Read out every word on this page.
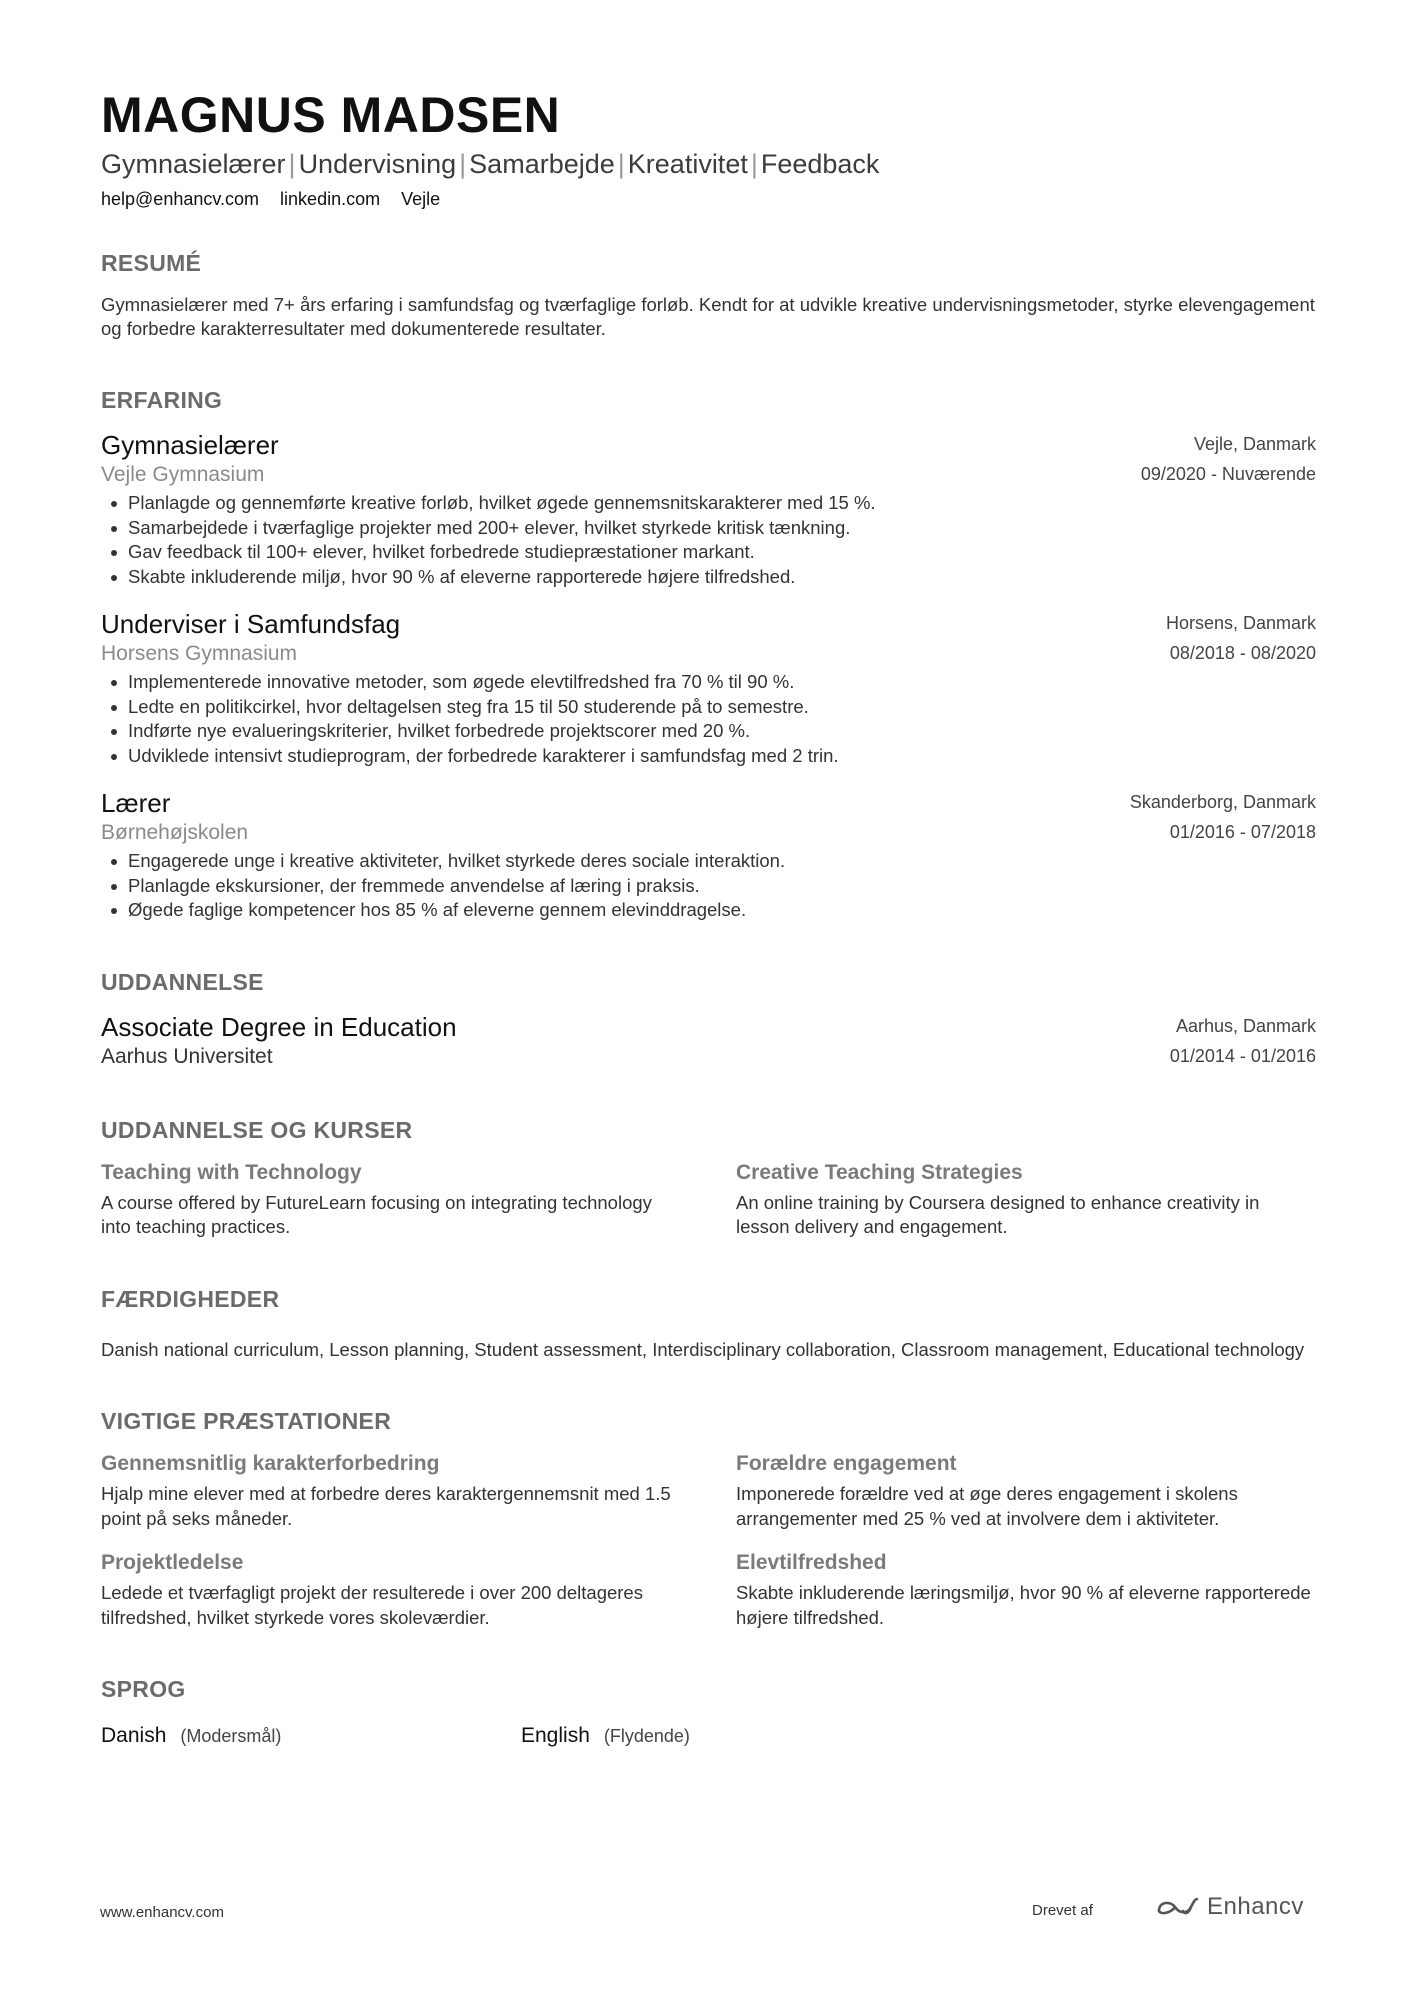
MAGNUS MADSEN
Gymnasielærer | Undervisning | Samarbejde | Kreativitet | Feedback
help@enhancv.com linkedin.com Vejle
RESUMÉ
Gymnasielærer med 7+ års erfaring i samfundsfag og tværfaglige forløb. Kendt for at udvikle kreative undervisningsmetoder, styrke elevengagement og forbedre karakterresultater med dokumenterede resultater.
ERFARING
Gymnasielærer
Vejle Gymnasium
Vejle, Danmark
09/2020 - Nuværende
Planlagde og gennemførte kreative forløb, hvilket øgede gennemsnitskarakterer med 15 %.
Samarbejdede i tværfaglige projekter med 200+ elever, hvilket styrkede kritisk tænkning.
Gav feedback til 100+ elever, hvilket forbedrede studiepræstationer markant.
Skabte inkluderende miljø, hvor 90 % af eleverne rapporterede højere tilfredshed.
Underviser i Samfundsfag
Horsens Gymnasium
Horsens, Danmark
08/2018 - 08/2020
Implementerede innovative metoder, som øgede elevtilfredshed fra 70 % til 90 %.
Ledte en politikcirkel, hvor deltagelsen steg fra 15 til 50 studerende på to semestre.
Indførte nye evalueringskriterier, hvilket forbedrede projektscorer med 20 %.
Udviklede intensivt studieprogram, der forbedrede karakterer i samfundsfag med 2 trin.
Lærer
Børnehøjskolen
Skanderborg, Danmark
01/2016 - 07/2018
Engagerede unge i kreative aktiviteter, hvilket styrkede deres sociale interaktion.
Planlagde ekskursioner, der fremmede anvendelse af læring i praksis.
Øgede faglige kompetencer hos 85 % af eleverne gennem elevinddragelse.
UDDANNELSE
Associate Degree in Education
Aarhus Universitet
Aarhus, Danmark
01/2014 - 01/2016
UDDANNELSE OG KURSER
Teaching with Technology
A course offered by FutureLearn focusing on integrating technology into teaching practices.
Creative Teaching Strategies
An online training by Coursera designed to enhance creativity in lesson delivery and engagement.
FÆRDIGHEDER
Danish national curriculum, Lesson planning, Student assessment, Interdisciplinary collaboration, Classroom management, Educational technology
VIGTIGE PRÆSTATIONER
Gennemsnitlig karakterforbedring
Hjalp mine elever med at forbedre deres karaktergennemsnit med 1.5 point på seks måneder.
Forældre engagement
Imponerede forældre ved at øge deres engagement i skolens arrangementer med 25 % ved at involvere dem i aktiviteter.
Projektledelse
Ledede et tværfagligt projekt der resulterede i over 200 deltageres tilfredshed, hvilket styrkede vores skoleværdier.
Elevtilfredshed
Skabte inkluderende læringsmiljø, hvor 90 % af eleverne rapporterede højere tilfredshed.
SPROG
Danish (Modersmål)	English (Flydende)
www.enhancv.com	Drevet af	Enhancv
